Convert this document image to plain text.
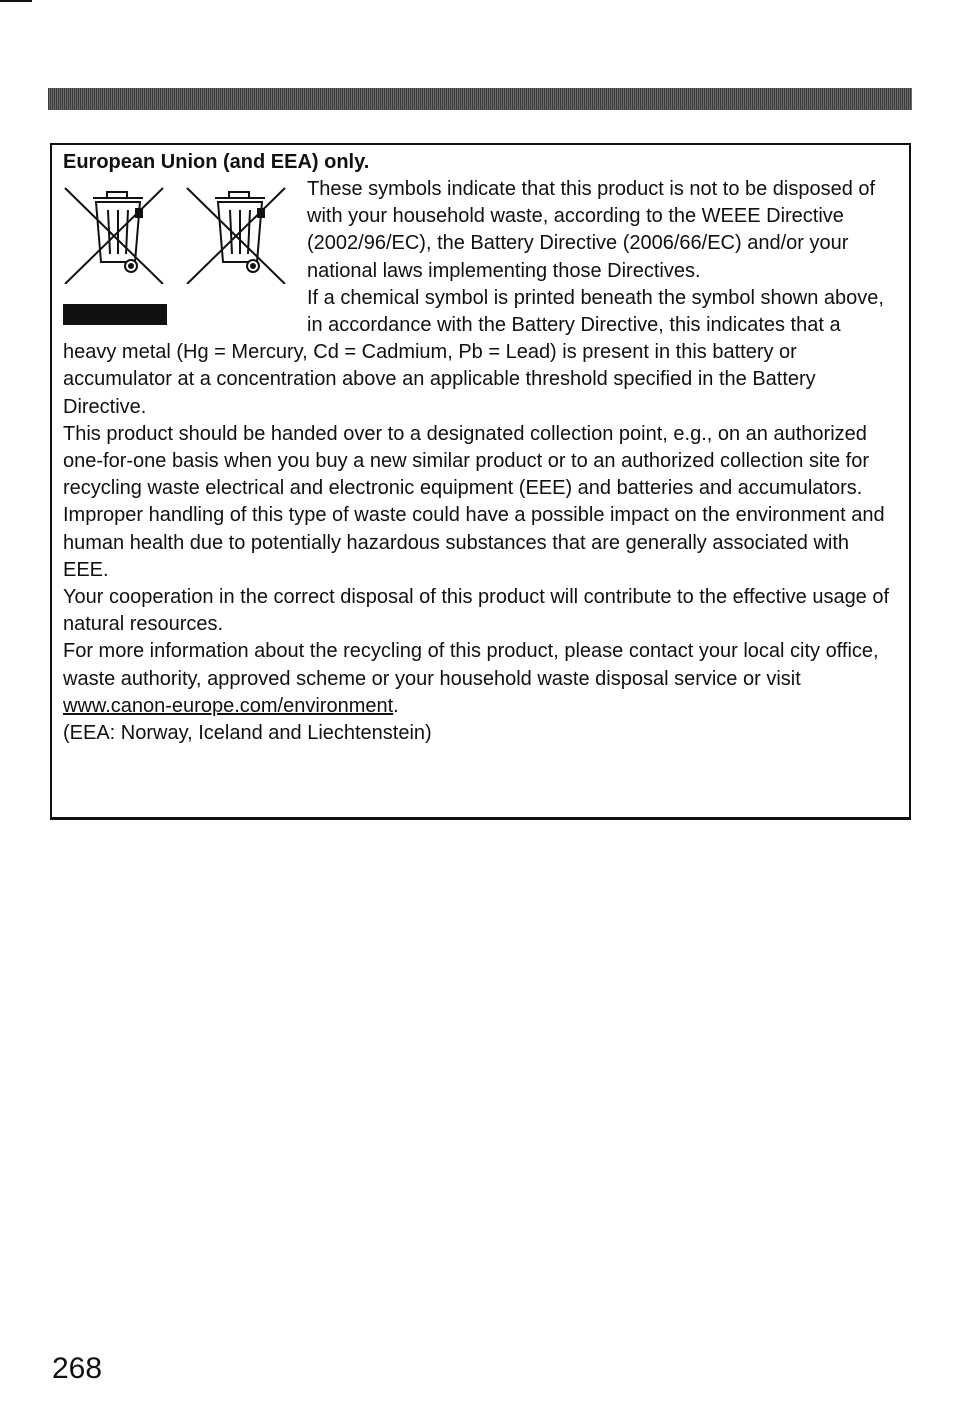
European Union (and EEA) only.

These symbols indicate that this product is not to be disposed of with your household waste, according to the WEEE Directive (2002/96/EC), the Battery Directive (2006/66/EC) and/or your national laws implementing those Directives.

If a chemical symbol is printed beneath the symbol shown above, in accordance with the Battery Directive, this indicates that a heavy metal (Hg = Mercury, Cd = Cadmium, Pb = Lead) is present in this battery or accumulator at a concentration above an applicable threshold specified in the Battery Directive.

This product should be handed over to a designated collection point, e.g., on an authorized one-for-one basis when you buy a new similar product or to an authorized collection site for recycling waste electrical and electronic equipment (EEE) and batteries and accumulators. Improper handling of this type of waste could have a possible impact on the environment and human health due to potentially hazardous substances that are generally associated with EEE.

Your cooperation in the correct disposal of this product will contribute to the effective usage of natural resources.

For more information about the recycling of this product, please contact your local city office, waste authority, approved scheme or your household waste disposal service or visit

www.canon-europe.com/environment.

(EEA: Norway, Iceland and Liechtenstein)

268
